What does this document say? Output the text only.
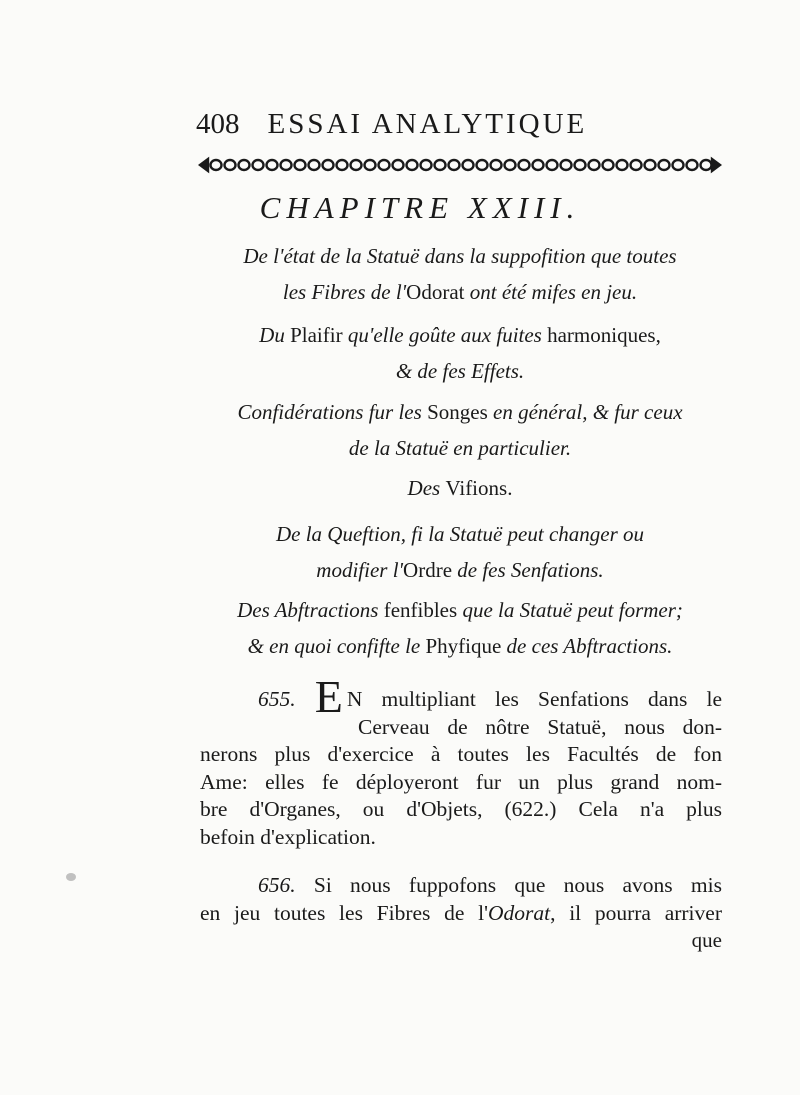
408 ESSAI ANALYTIQUE
CHAPITRE XXIII.
De l'état de la Statuë dans la suppofition que toutes
les Fibres de l'Odorat ont été mifes en jeu.
Du Plaifir qu'elle goûte aux fuites harmoniques,
& de fes Effets.
Confidérations fur les Songes en général, & fur ceux
de la Statuë en particulier.
Des Vifions.
De la Queftion, fi la Statuë peut changer ou
modifier l'Ordre de fes Senfations.
Des Abftractions fenfibles que la Statuë peut former;
& en quoi confifte le Phyfique de ces Abftractions.
655. E N multipliant les Senfations dans le
Cerveau de nôtre Statuë, nous don-
nerons plus d'exercice à toutes les Facultés de fon
Ame: elles fe déployeront fur un plus grand nom-
bre d'Organes, ou d'Objets, (622.) Cela n'a plus
befoin d'explication.
656. Si nous fuppofons que nous avons mis
en jeu toutes les Fibres de l'Odorat, il pourra arriver
que
